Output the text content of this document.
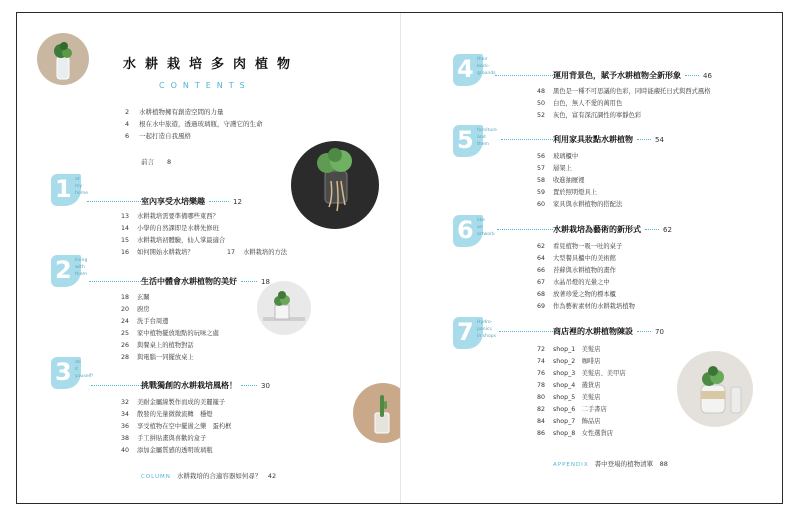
水耕栽培多肉植物
CONTENTS
2 水耕植物擁有創造空間的力量
4 根在水中旅遊，透過玻璃瓶，守護它的生命
6 一起打造自我風格
前言　　 8
1 at
my
home
室內享受水培樂趣	12
13 水耕栽培需要準備哪些東西？
14 小學的自然課即是水耕先修班
15 水耕栽培初體驗，仙人掌最適合
16 如何開始水耕栽培？	17 水耕栽培的方法
2 living
with
them
生活中體會水耕植物的美好	18
18 玄關
20 廚房
24 洗手台周邊
25 家中植物擺放地點的玩味之處
26 與餐桌上的植物對話
28 與電腦一同擺放桌上
3 do
it
youself!
挑戰獨創的水耕栽培風格！	30
32 美耐金屬線製作而成的美麗籠子
34 散發的光暈微微流轉　穩燈
36 享受植物在空中擺盪之樂　蛋杓框
38 手工拼貼畫與喜歡的盒子
40 添加金屬質感的透明玻璃瓶
COLUMN 水耕栽培的合適容器如何尋？　 42
4 their
back-
grounds	運用背景色，賦予水耕植物全新形象	46
48 黑色是一種不可思議的色彩，同時能襯托日式與西式風格
50 白色，無人不愛的萬用色
52 灰色，富有深沉調性的寧靜色彩
5 furniture
and
them
利用家具妝點水耕植物	54
56 玻璃櫃中
57 層架上
58 收進抽屜裡
59 置於照明燈具上
60 家具與水耕植物的搭配法
6 like
an
artwork
水耕栽培為藝術的新形式	62
62 看見植物一吸一吐的桌子
64 大型餐具櫃中的美術館
66 苔蘚與水耕植物的畫作
67 水晶吊燈的光暈之中
68 放著珍愛之物的標本櫃
69 作為藝術素材的水耕栽培植物
7 Hydro-
ponics
in shops
商店裡的水耕植物陳設	70
72 shop_1　美髮店
74 shop_2　咖啡店
76 shop_3　美髮店、美甲店
78 shop_4　選貨店
80 shop_5　美髮店
82 shop_6　二手書店
84 shop_7　飾品店
86 shop_8　女性選貨店
APPENDIX 書中登場的植物清單　 88
